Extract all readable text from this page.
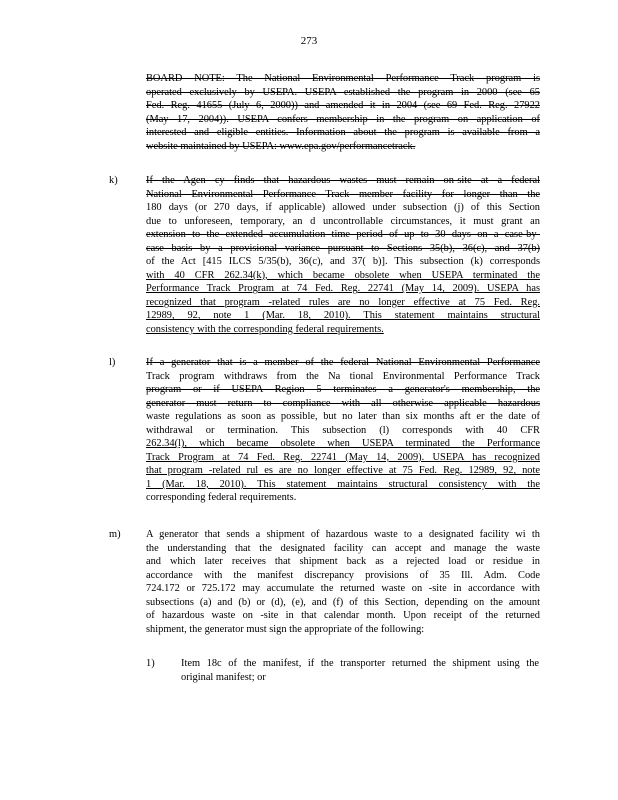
273
BOARD NOTE: The National Environmental Performance Track program is
operated exclusively by USEPA. USEPA established the program in 2000 (see 65
Fed. Reg. 41655 (July 6, 2000)) and amended it in 2004 (see 69 Fed. Reg. 27922
(May 17, 2004)). USEPA confers membership in the program on application of
interested and eligible entities. Information about the program is available from a
website maintained by USEPA: www.epa.gov/performancetrack.
k)	If the Agen cy finds that hazardous wastes must remain on-site at a federal
National Environmental Performance Track member facility for longer than the
180 days (or 270 days, if applicable) allowed under subsection (j) of this Section
due to unforeseen, temporary, an d uncontrollable circumstances, it must grant an
extension to the extended accumulation time period of up to 30 days on a case-by-
case basis by a provisional variance pursuant to Sections 35(b), 36(c), and 37(b)
of the Act [415 ILCS 5/35(b), 36(c), and 37( b)]. This subsection (k) corresponds
with 40 CFR 262.34(k), which became obsolete when USEPA terminated the
Performance Track Program at 74 Fed. Reg. 22741 (May 14, 2009). USEPA has
recognized that program -related rules are no longer effective at 75 Fed. Reg.
12989, 92, note 1 (Mar. 18, 2010). This statement maintains structural
consistency with the corresponding federal requirements.
l)	If a generator that is a member of the federal National Environmental Performance
Track program withdraws from the Na tional Environmental Performance Track
program or if USEPA Region 5 terminates a generator's membership, the
generator must return to compliance with all otherwise applicable hazardous
waste regulations as soon as possible, but no later than six months aft er the date of
withdrawal or termination. This subsection (l) corresponds with 40 CFR
262.34(l), which became obsolete when USEPA terminated the Performance
Track Program at 74 Fed. Reg. 22741 (May 14, 2009). USEPA has recognized
that program -related rul es are no longer effective at 75 Fed. Reg. 12989, 92, note
1 (Mar. 18, 2010). This statement maintains structural consistency with the
corresponding federal requirements.
m) A generator that sends a shipment of hazardous waste to a designated facility wi th
the understanding that the designated facility can accept and manage the waste
and which later receives that shipment back as a rejected load or residue in
accordance with the manifest discrepancy provisions of 35 Ill. Adm. Code
724.172 or 725.172 may accumulate the returned waste on -site in accordance with
subsections (a) and (b) or (d), (e), and (f) of this Section, depending on the amount
of hazardous waste on -site in that calendar month. Upon receipt of the returned
shipment, the generator must sign the appropriate of the following:
1)	Item 18c of the manifest, if the transporter returned the shipment using the
original manifest; or
